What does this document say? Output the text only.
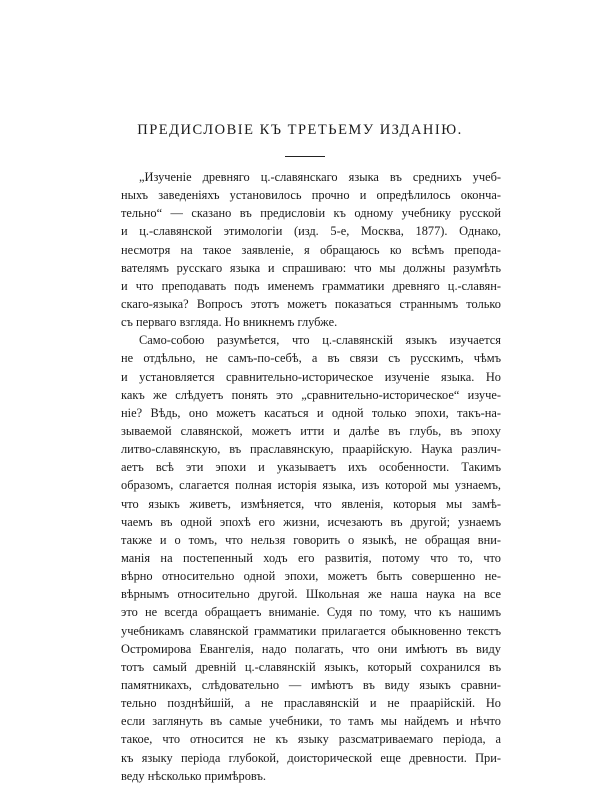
ПРЕДИСЛОВІЕ КЪ ТРЕТЬЕМУ ИЗДАНІЮ.
„Изученіе древняго ц.-славянскаго языка въ среднихъ учеб-
ныхъ заведеніяхъ установилось прочно и опредѣлилось оконча-
тельно“ — сказано въ предисловіи къ одному учебнику русской
и ц.-славянской этимологіи (изд. 5-е, Москва, 1877). Однако,
несмотря на такое заявленіе, я обращаюсь ко всѣмъ препода-
вателямъ русскаго языка и спрашиваю: что мы должны разумѣть
и что преподавать подъ именемъ грамматики древняго ц.-славян-
скаго-языка? Вопросъ этотъ можетъ показаться страннымъ только
съ перваго взгляда. Но вникнемъ глубже.
Само-собою разумѣется, что ц.-славянскій языкъ изучается
не отдѣльно, не самъ-по-себѣ, а въ связи съ русскимъ, чѣмъ
и установляется сравнительно-историческое изученіе языка. Но
какъ же слѣдуетъ понять это „сравнительно-историческое“ изуче-
ніе? Вѣдь, оно можетъ касаться и одной только эпохи, такъ-на-
зываемой славянской, можетъ итти и далѣе въ глубь, въ эпоху
литво-славянскую, въ праславянскую, праарійскую. Наука различ-
аетъ всѣ эти эпохи и указываетъ ихъ особенности. Такимъ
образомъ, слагается полная исторія языка, изъ которой мы узнаемъ,
что языкъ живетъ, измѣняется, что явленія, которыя мы замѣ-
чаемъ въ одной эпохѣ его жизни, исчезаютъ въ другой; узнаемъ
также и о томъ, что нельзя говорить о языкѣ, не обращая вни-
манія на постепенный ходъ его развитія, потому что то, что
вѣрно относительно одной эпохи, можетъ быть совершенно не-
вѣрнымъ относительно другой. Школьная же наша наука на все
это не всегда обращаетъ вниманіе. Судя по тому, что къ нашимъ
учебникамъ славянской грамматики прилагается обыкновенно текстъ
Остромирова Евангелія, надо полагать, что они имѣютъ въ виду
тотъ самый древній ц.-славянскій языкъ, который сохранился въ
памятникахъ, слѣдовательно — имѣютъ въ виду языкъ сравни-
тельно позднѣйшій, а не праславянскій и не праарійскій. Но
если заглянуть въ самые учебники, то тамъ мы найдемъ и нѣчто
такое, что относится не къ языку разсматриваемаго періода, а
къ языку періода глубокой, доисторической еще древности. При-
веду нѣсколько примѣровъ.
